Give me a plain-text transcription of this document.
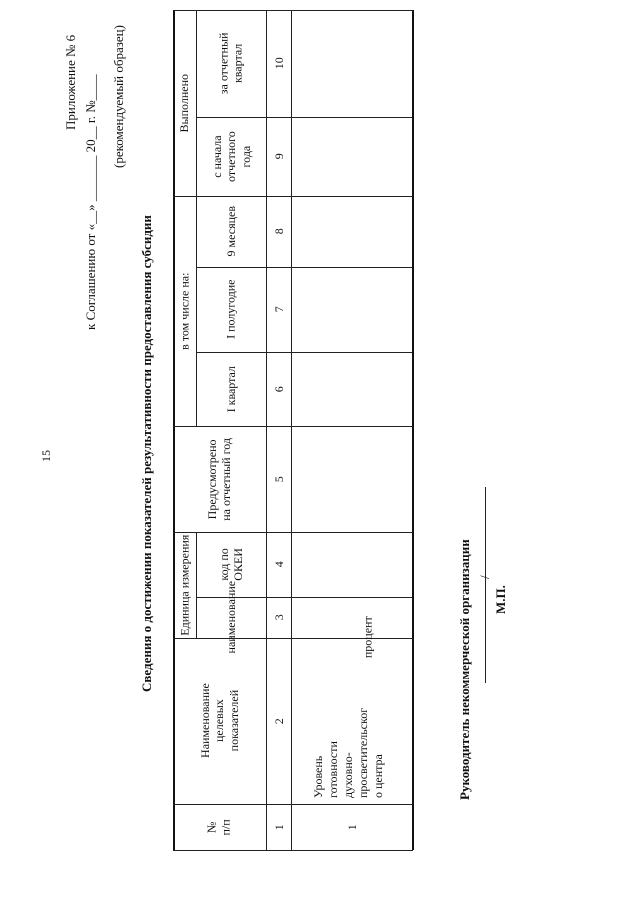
15
Приложение № 6 к Соглашению от «__» _______ 20__ г. №____ (рекомендуемый образец)
Сведения о достижении показателей результативности предоставления субсидии
Выполнено
в том числе на:
Единица измерения
за отчетный квартал
с начала отчетного года
9 месяцев
I полугодие
I квартал
Предусмотрено на отчетный год
код по ОКЕИ
наименование
Наименование целевых показателей
№ п/п
10
9
8
7
6
5
4
3
2
1	1
Уровень готовности духовно- просветительског о центра
процент	Руководитель некоммерческой организации /
М.П.
